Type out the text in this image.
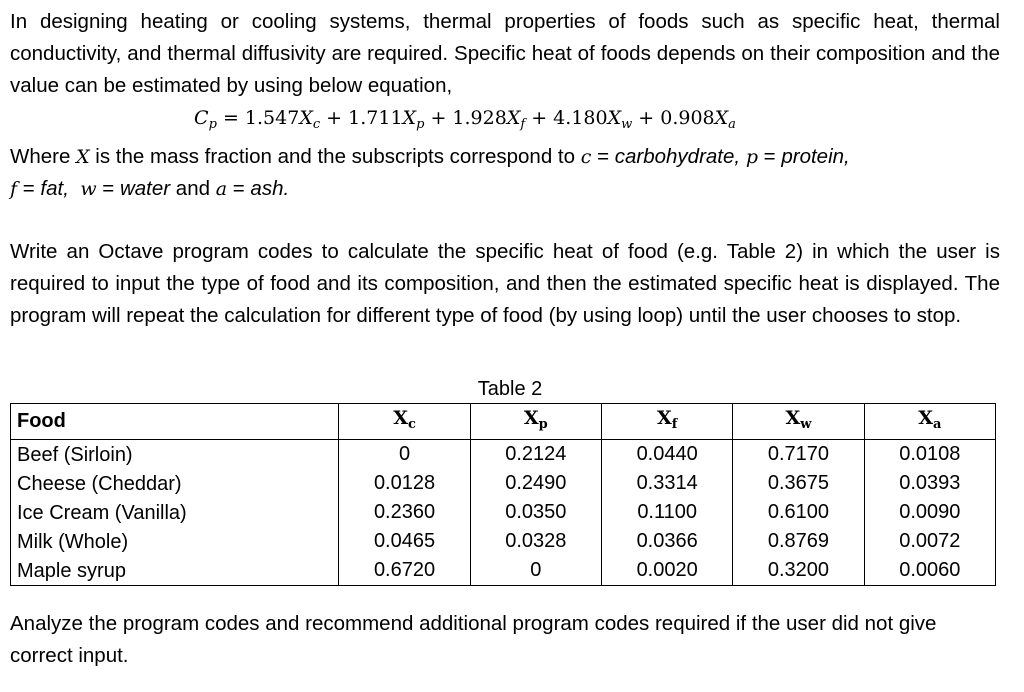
In designing heating or cooling systems, thermal properties of foods such as specific heat, thermal conductivity, and thermal diffusivity are required. Specific heat of foods depends on their composition and the value can be estimated by using below equation,

$C_p = 1.547X_c + 1.711X_p + 1.928X_f + 4.180X_w + 0.908X_a$

Where X is the mass fraction and the subscripts correspond to c = carbohydrate, p = protein,
f = fat, w = water and a = ash.

Write an Octave program codes to calculate the specific heat of food (e.g. Table 2) in which the user is required to input the type of food and its composition, and then the estimated specific heat is displayed. The program will repeat the calculation for different type of food (by using loop) until the user chooses to stop.

Table 2
Food	$X_c$	$X_p$	$X_f$	$X_w$	$X_a$
Beef (Sirloin)	0	0.2124	0.0440	0.7170	0.0108
Cheese (Cheddar)	0.0128	0.2490	0.3314	0.3675	0.0393
Ice Cream (Vanilla)	0.2360	0.0350	0.1100	0.6100	0.0090
Milk (Whole)	0.0465	0.0328	0.0366	0.8769	0.0072
Maple syrup	0.6720	0	0.0020	0.3200	0.0060

Analyze the program codes and recommend additional program codes required if the user did not give correct input.
